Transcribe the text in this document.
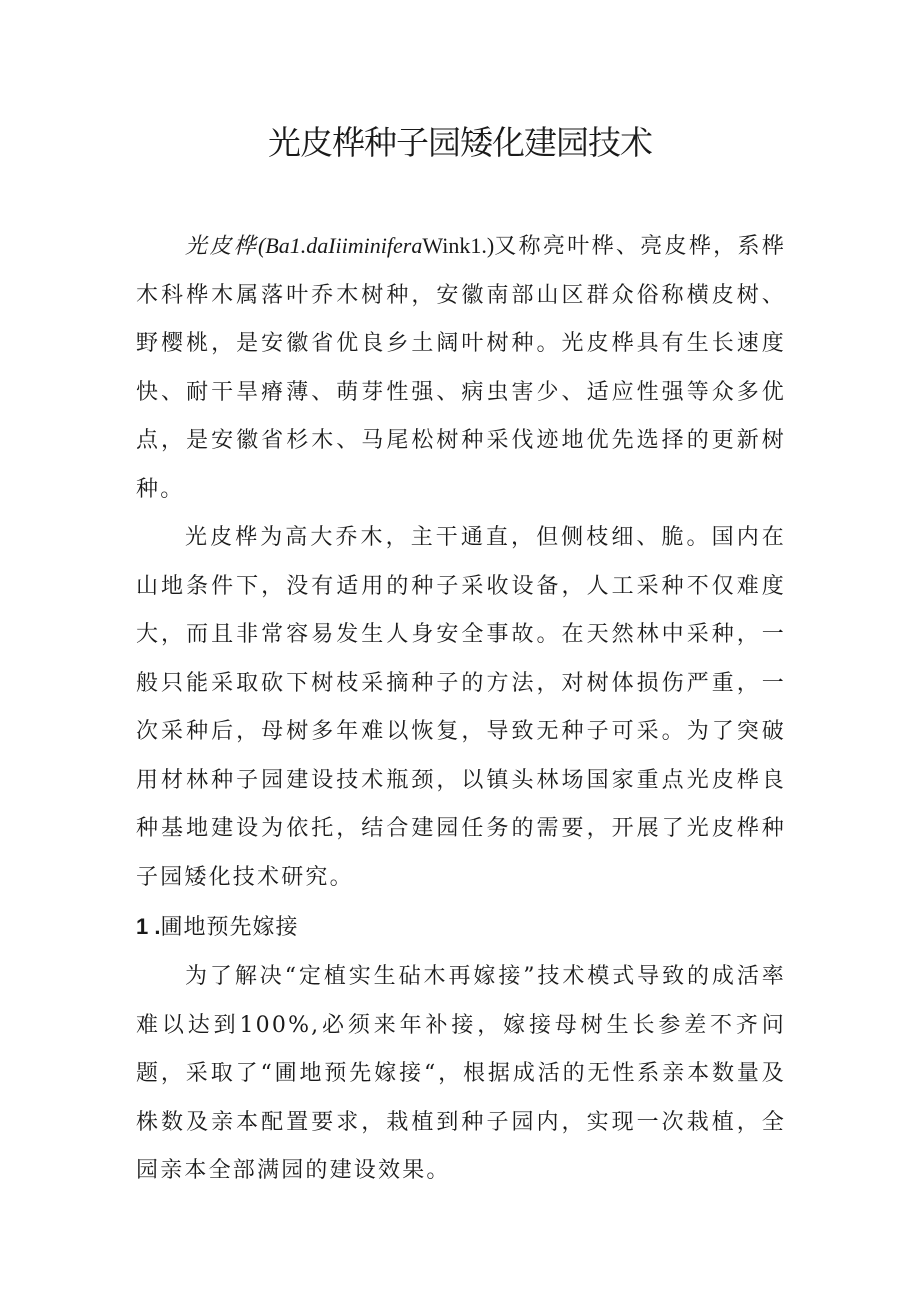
光皮桦种子园矮化建园技术

光皮桦(Ba1.daIiiminiferaWink1.)又称亮叶桦、亮皮桦，系桦木科桦木属落叶乔木树种，安徽南部山区群众俗称横皮树、野樱桃，是安徽省优良乡土阔叶树种。光皮桦具有生长速度快、耐干旱瘠薄、萌芽性强、病虫害少、适应性强等众多优点，是安徽省杉木、马尾松树种采伐迹地优先选择的更新树种。

光皮桦为高大乔木，主干通直，但侧枝细、脆。国内在山地条件下，没有适用的种子采收设备，人工采种不仅难度大，而且非常容易发生人身安全事故。在天然林中采种，一般只能采取砍下树枝采摘种子的方法，对树体损伤严重，一次采种后，母树多年难以恢复，导致无种子可采。为了突破用材林种子园建设技术瓶颈，以镇头林场国家重点光皮桦良种基地建设为依托，结合建园任务的需要，开展了光皮桦种子园矮化技术研究。

1 .圃地预先嫁接

为了解决“定植实生砧木再嫁接”技术模式导致的成活率难以达到100%,必须来年补接，嫁接母树生长参差不齐问题，采取了“圃地预先嫁接“，根据成活的无性系亲本数量及株数及亲本配置要求，栽植到种子园内，实现一次栽植，全园亲本全部满园的建设效果。
